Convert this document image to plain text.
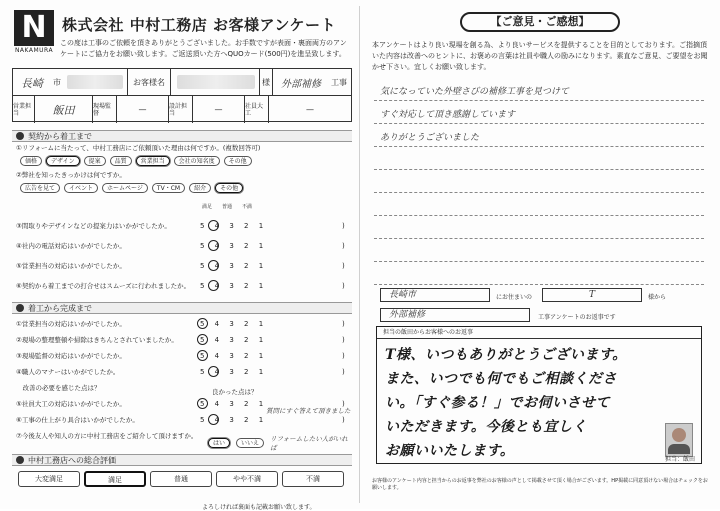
N
NAKAMURA
株式会社 中村工務店 お客様アンケート
この度は工事のご依頼を頂きありがとうございました。お手数ですが表面・裏面両方のアンケートにご協力をお願い致します。ご返送頂いた方へQUOカード(500円)を進呈致します。
長崎	市	お客様名	様	外部補修	工事
営業担当	飯田	現場監督	—	設計担当	—	社員大工	—
契約から着工まで
①リフォームに当たって、中村工務店にご依頼頂いた理由は何ですか。(複数回答可)
価格	デザイン	提案	品質	営業担当	会社の知名度	その他
②弊社を知ったきっかけは何ですか。
広告を見て	イベント	ホームページ	TV・CM	紹介	その他
満足 普通 不満
③間取りやデザインなどの提案力はいかがでしたか。	5 4 3 2 1	)
④社内の電話対応はいかがでしたか。	5 4 3 2 1	)
⑤営業担当の対応はいかがでしたか。	5 4 3 2 1	)
⑥契約から着工までの打合せはスムーズに行われましたか。 5 4 3 2 1	)
着工から完成まで
①営業担当の対応はいかがでしたか。	5 4 3 2 1	)
②現場の整理整頓や掃除はきちんとされていましたか。	5 4 3 2 1	)
③現場監督の対応はいかがでしたか。	5 4 3 2 1	)
④職人のマナーはいかがでしたか。	5 4 3 2 1	)
　改善の必要を感じた点は？
⑤社員大工の対応はいかがでしたか。	5 4 3 2 1	)
⑥工事の仕上がり具合はいかがでしたか。	5 4 3 2 1	)
⑦今後友人や知人の方に中村工務店をご紹介して頂けますか。
良かった点は？
質問にすぐ答えて頂きました
はい	いいえ
リフォームしたい人がいれば
中村工務店への総合評価
大変満足	満足	普通	やや不満	不満
よろしければ裏面も記載お願い致します。
【ご意見・ご感想】
本アンケートはより良い現場を創る為、より良いサービスを提供することを目的としております。ご指摘頂いた内容は改善へのヒントに、お褒めの言葉は社員や職人の励みになります。素直なご意見、ご要望をお聞かせ下さい。宜しくお願い致します。
気になっていた外壁さびの補修工事を見つけて
すぐ対応して頂き感謝しています
ありがとうございました
長崎市	にお住まいの	T	様から
外部補修	工事アンケートのお返事です
担当の飯田からお客様へのお返事
T様、いつもありがとうございます。
また、いつでも何でもご相談くださ
い。「すぐ参る！」でお伺いさせて
いただきます。今後とも宜しく
お願いいたします。
担当：飯田
お客様のアンケート内容と担当からのお返事を弊社のお客様の声として掲載させて頂く場合がございます。HP掲載に同意頂けない場合はチェックをお願いします。
